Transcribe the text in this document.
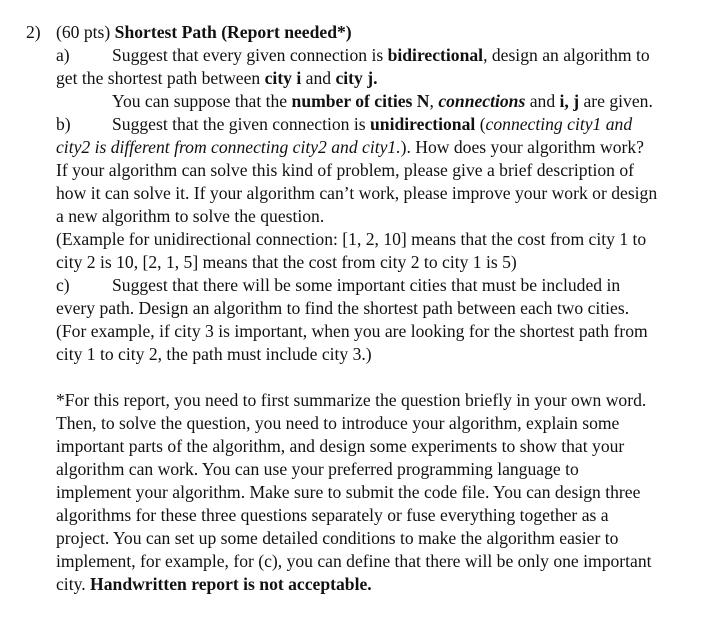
2) (60 pts) Shortest Path (Report needed*)
a) Suggest that every given connection is bidirectional, design an algorithm to
get the shortest path between city i and city j.
You can suppose that the number of cities N, connections and i, j are given.
b) Suggest that the given connection is unidirectional (connecting city1 and
city2 is different from connecting city2 and city1.). How does your algorithm work?
If your algorithm can solve this kind of problem, please give a brief description of
how it can solve it. If your algorithm can’t work, please improve your work or design
a new algorithm to solve the question.
(Example for unidirectional connection: [1, 2, 10] means that the cost from city 1 to
city 2 is 10, [2, 1, 5] means that the cost from city 2 to city 1 is 5)
c) Suggest that there will be some important cities that must be included in
every path. Design an algorithm to find the shortest path between each two cities.
(For example, if city 3 is important, when you are looking for the shortest path from
city 1 to city 2, the path must include city 3.)
*For this report, you need to first summarize the question briefly in your own word.
Then, to solve the question, you need to introduce your algorithm, explain some
important parts of the algorithm, and design some experiments to show that your
algorithm can work. You can use your preferred programming language to
implement your algorithm. Make sure to submit the code file. You can design three
algorithms for these three questions separately or fuse everything together as a
project. You can set up some detailed conditions to make the algorithm easier to
implement, for example, for (c), you can define that there will be only one important
city. Handwritten report is not acceptable.
